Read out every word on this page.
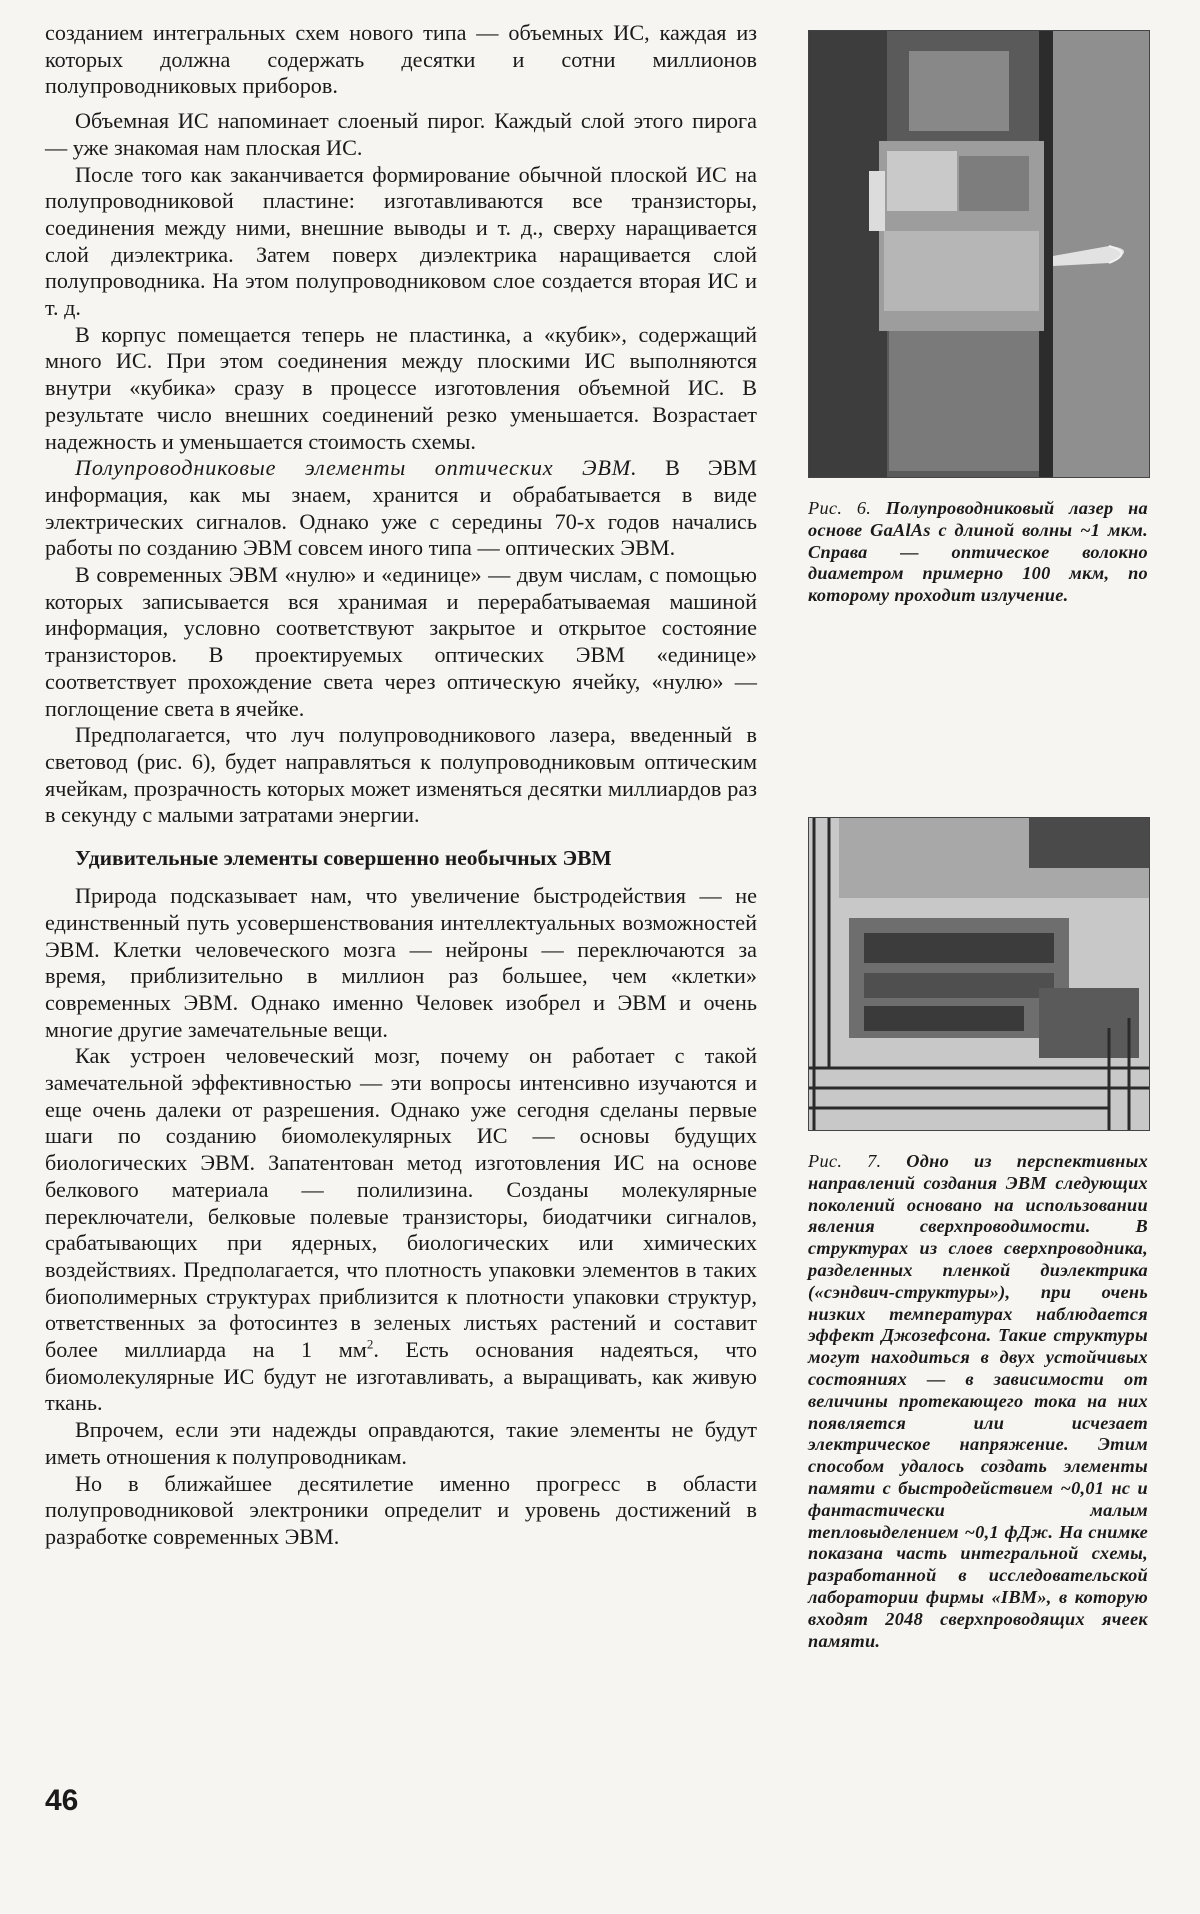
созданием интегральных схем нового типа — объемных ИС, каждая из которых должна содержать десятки и сотни миллионов полупроводниковых приборов.

Объемная ИС напоминает слоеный пирог. Каждый слой этого пирога — уже знакомая нам плоская ИС.

После того как заканчивается формирование обычной плоской ИС на полупроводниковой пластине: изготавливаются все транзисторы, соединения между ними, внешние выводы и т. д., сверху наращивается слой диэлектрика. Затем поверх диэлектрика наращивается слой полупроводника. На этом полупроводниковом слое создается вторая ИС и т. д.

В корпус помещается теперь не пластинка, а «кубик», содержащий много ИС. При этом соединения между плоскими ИС выполняются внутри «кубика» сразу в процессе изготовления объемной ИС. В результате число внешних соединений резко уменьшается. Возрастает надежность и уменьшается стоимость схемы.

Полупроводниковые элементы оптических ЭВМ. В ЭВМ информация, как мы знаем, хранится и обрабатывается в виде электрических сигналов. Однако уже с середины 70-х годов начались работы по созданию ЭВМ совсем иного типа — оптических ЭВМ.

В современных ЭВМ «нулю» и «единице» — двум числам, с помощью которых записывается вся хранимая и перерабатываемая машиной информация, условно соответствуют закрытое и открытое состояние транзисторов. В проектируемых оптических ЭВМ «единице» соответствует прохождение света через оптическую ячейку, «нулю» — поглощение света в ячейке.

Предполагается, что луч полупроводникового лазера, введенный в световод (рис. 6), будет направляться к полупроводниковым оптическим ячейкам, прозрачность которых может изменяться десятки миллиардов раз в секунду с малыми затратами энергии.

Удивительные элементы совершенно необычных ЭВМ

Природа подсказывает нам, что увеличение быстродействия — не единственный путь усовершенствования интеллектуальных возможностей ЭВМ. Клетки человеческого мозга — нейроны — переключаются за время, приблизительно в миллион раз большее, чем «клетки» современных ЭВМ. Однако именно Человек изобрел и ЭВМ и очень многие другие замечательные вещи.

Как устроен человеческий мозг, почему он работает с такой замечательной эффективностью — эти вопросы интенсивно изучаются и еще очень далеки от разрешения. Однако уже сегодня сделаны первые шаги по созданию биомолекулярных ИС — основы будущих биологических ЭВМ. Запатентован метод изготовления ИС на основе белкового материала — полилизина. Созданы молекулярные переключатели, белковые полевые транзисторы, биодатчики сигналов, срабатывающих при ядерных, биологических или химических воздействиях. Предполагается, что плотность упаковки элементов в таких биополимерных структурах приблизится к плотности упаковки структур, ответственных за фотосинтез в зеленых листьях растений и составит более миллиарда на 1 $мм^2$. Есть основания надеяться, что биомолекулярные ИС будут не изготавливать, а выращивать, как живую ткань.

Впрочем, если эти надежды оправдаются, такие элементы не будут иметь отношения к полупроводникам.

Но в ближайшее десятилетие именно прогресс в области полупроводниковой электроники определит и уровень достижений в разработке современных ЭВМ.

Рис. 6. Полупроводниковый лазер на основе GaAlAs с длиной волны ~1 мкм. Справа — оптическое волокно диаметром примерно 100 мкм, по которому проходит излучение.
Рис. 7. Одно из перспективных направлений создания ЭВМ следующих поколений основано на использовании явления сверхпроводимости. В структурах из слоев сверхпроводника, разделенных пленкой диэлектрика («сэндвич-структуры»), при очень низких температурах наблюдается эффект Джозефсона. Такие структуры могут находиться в двух устойчивых состояниях — в зависимости от величины протекающего тока на них появляется или исчезает электрическое напряжение. Этим способом удалось создать элементы памяти с быстродействием ~0,01 нс и фантастически малым тепловыделением ~0,1 фДж. На снимке показана часть интегральной схемы, разработанной в исследовательской лаборатории фирмы «IBM», в которую входят 2048 сверхпроводящих ячеек памяти.
46
